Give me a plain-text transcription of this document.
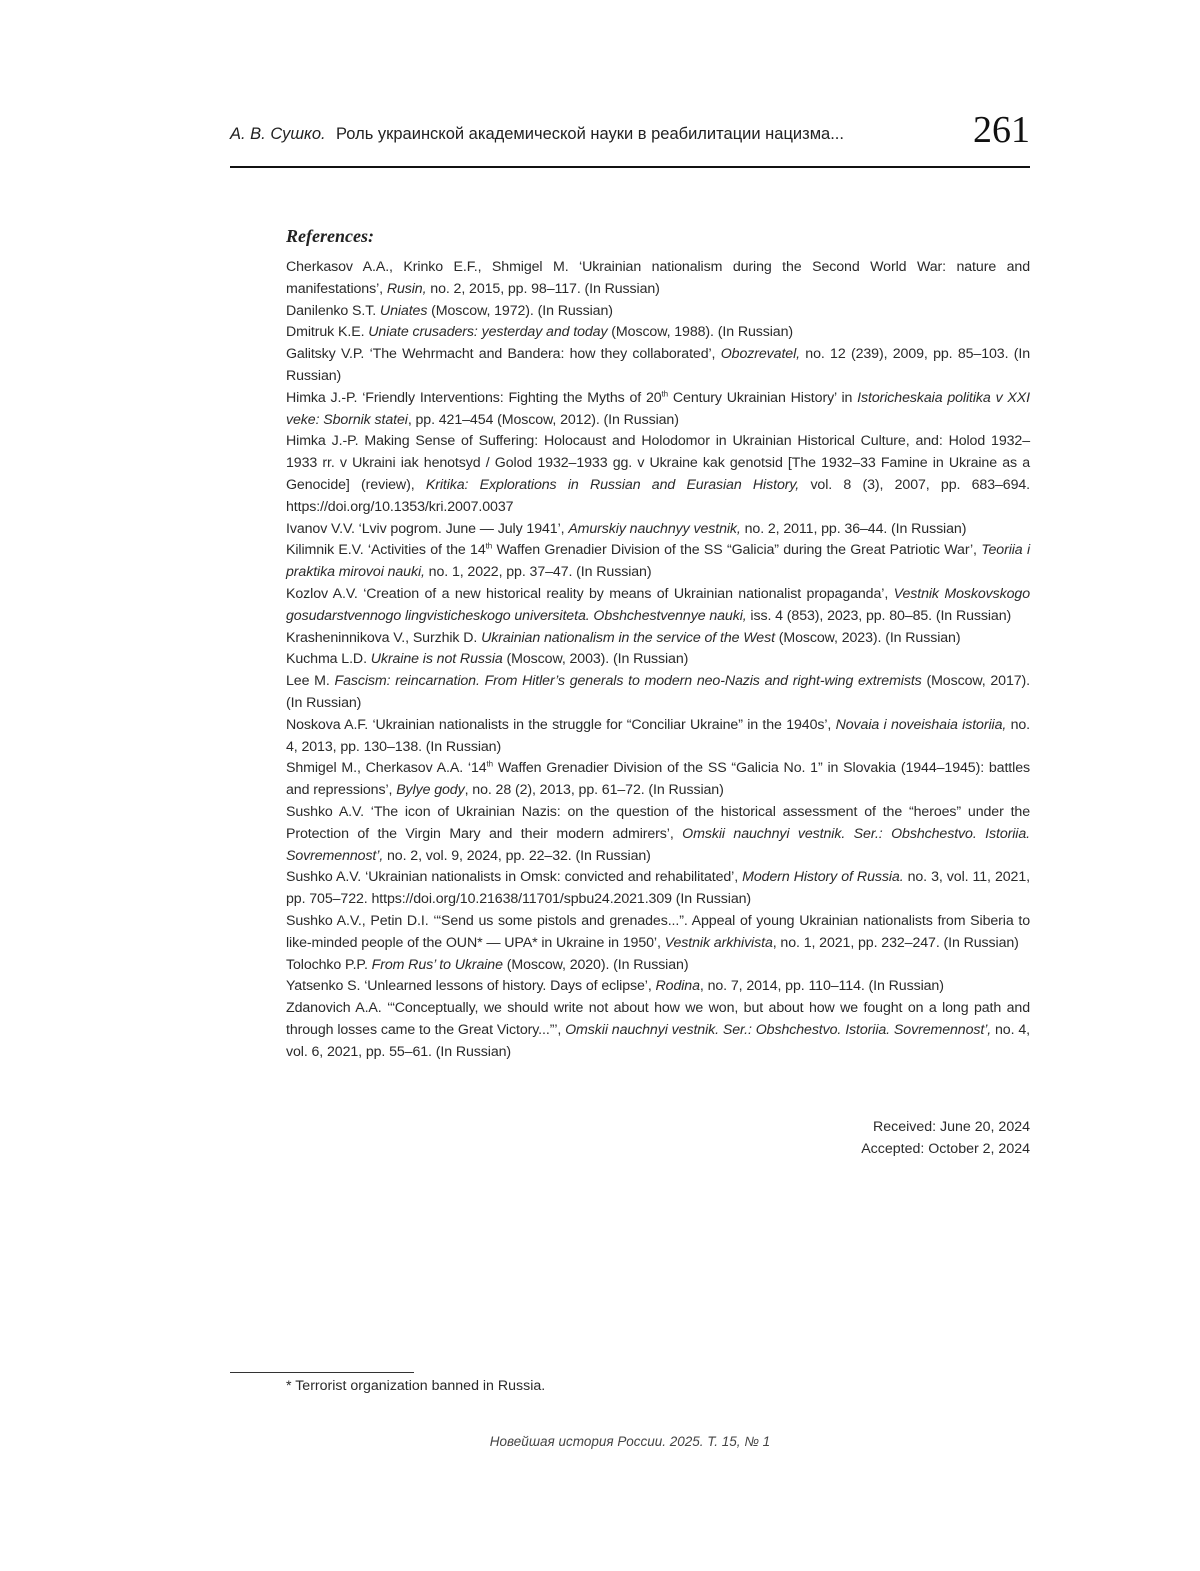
А. В. Сушко. Роль украинской академической науки в реабилитации нацизма...	261
References:
Cherkasov A.A., Krinko E.F., Shmigel M. ‘Ukrainian nationalism during the Second World War: nature and manifestations’, Rusin, no. 2, 2015, pp. 98–117. (In Russian)
Danilenko S.T. Uniates (Moscow, 1972). (In Russian)
Dmitruk K.E. Uniate crusaders: yesterday and today (Moscow, 1988). (In Russian)
Galitsky V.P. ‘The Wehrmacht and Bandera: how they collaborated’, Obozrevatel, no. 12 (239), 2009, pp. 85–103. (In Russian)
Himka J.-P. ‘Friendly Interventions: Fighting the Myths of 20th Century Ukrainian History’ in Istoricheskaia politika v XXI veke: Sbornik statei, pp. 421–454 (Moscow, 2012). (In Russian)
Himka J.-P. Making Sense of Suffering: Holocaust and Holodomor in Ukrainian Historical Culture, and: Holod 1932–1933 rr. v Ukraini iak henotsyd / Golod 1932–1933 gg. v Ukraine kak genotsid [The 1932–33 Famine in Ukraine as a Genocide] (review), Kritika: Explorations in Russian and Eurasian History, vol. 8 (3), 2007, pp. 683–694. https://doi.org/10.1353/kri.2007.0037
Ivanov V.V. ‘Lviv pogrom. June — July 1941’, Amurskiy nauchnyy vestnik, no. 2, 2011, pp. 36–44. (In Russian)
Kilimnik E.V. ‘Activities of the 14th Waffen Grenadier Division of the SS “Galicia” during the Great Patriotic War’, Teoriia i praktika mirovoi nauki, no. 1, 2022, pp. 37–47. (In Russian)
Kozlov A.V. ‘Creation of a new historical reality by means of Ukrainian nationalist propaganda’, Vestnik Moskovskogo gosudarstvennogo lingvisticheskogo universiteta. Obshchestvennye nauki, iss. 4 (853), 2023, pp. 80–85. (In Russian)
Krasheninnikova V., Surzhik D. Ukrainian nationalism in the service of the West (Moscow, 2023). (In Russian)
Kuchma L.D. Ukraine is not Russia (Moscow, 2003). (In Russian)
Lee M. Fascism: reincarnation. From Hitler’s generals to modern neo-Nazis and right-wing extremists (Moscow, 2017). (In Russian)
Noskova A.F. ‘Ukrainian nationalists in the struggle for “Conciliar Ukraine” in the 1940s’, Novaia i noveishaia istoriia, no. 4, 2013, pp. 130–138. (In Russian)
Shmigel M., Cherkasov A.A. ‘14th Waffen Grenadier Division of the SS “Galicia No. 1” in Slovakia (1944–1945): battles and repressions’, Bylye gody, no. 28 (2), 2013, pp. 61–72. (In Russian)
Sushko A.V. ‘The icon of Ukrainian Nazis: on the question of the historical assessment of the “heroes” under the Protection of the Virgin Mary and their modern admirers’, Omskii nauchnyi vestnik. Ser.: Obshchestvo. Istoriia. Sovremennost’, no. 2, vol. 9, 2024, pp. 22–32. (In Russian)
Sushko A.V. ‘Ukrainian nationalists in Omsk: convicted and rehabilitated’, Modern History of Russia. no. 3, vol. 11, 2021, pp. 705–722. https://doi.org/10.21638/11701/spbu24.2021.309 (In Russian)
Sushko A.V., Petin D.I. ‘“Send us some pistols and grenades...”. Appeal of young Ukrainian nationalists from Siberia to like-minded people of the OUN* — UPA* in Ukraine in 1950’, Vestnik arkhivista, no. 1, 2021, pp. 232–247. (In Russian)
Tolochko P.P. From Rus’ to Ukraine (Moscow, 2020). (In Russian)
Yatsenko S. ‘Unlearned lessons of history. Days of eclipse’, Rodina, no. 7, 2014, pp. 110–114. (In Russian)
Zdanovich A.A. ‘“Conceptually, we should write not about how we won, but about how we fought on a long path and through losses came to the Great Victory...”’, Omskii nauchnyi vestnik. Ser.: Obshchestvo. Istoriia. Sovremennost’, no. 4, vol. 6, 2021, pp. 55–61. (In Russian)
Received: June 20, 2024
Accepted: October 2, 2024
* Terrorist organization banned in Russia.
Новейшая история России. 2025. Т. 15, № 1
